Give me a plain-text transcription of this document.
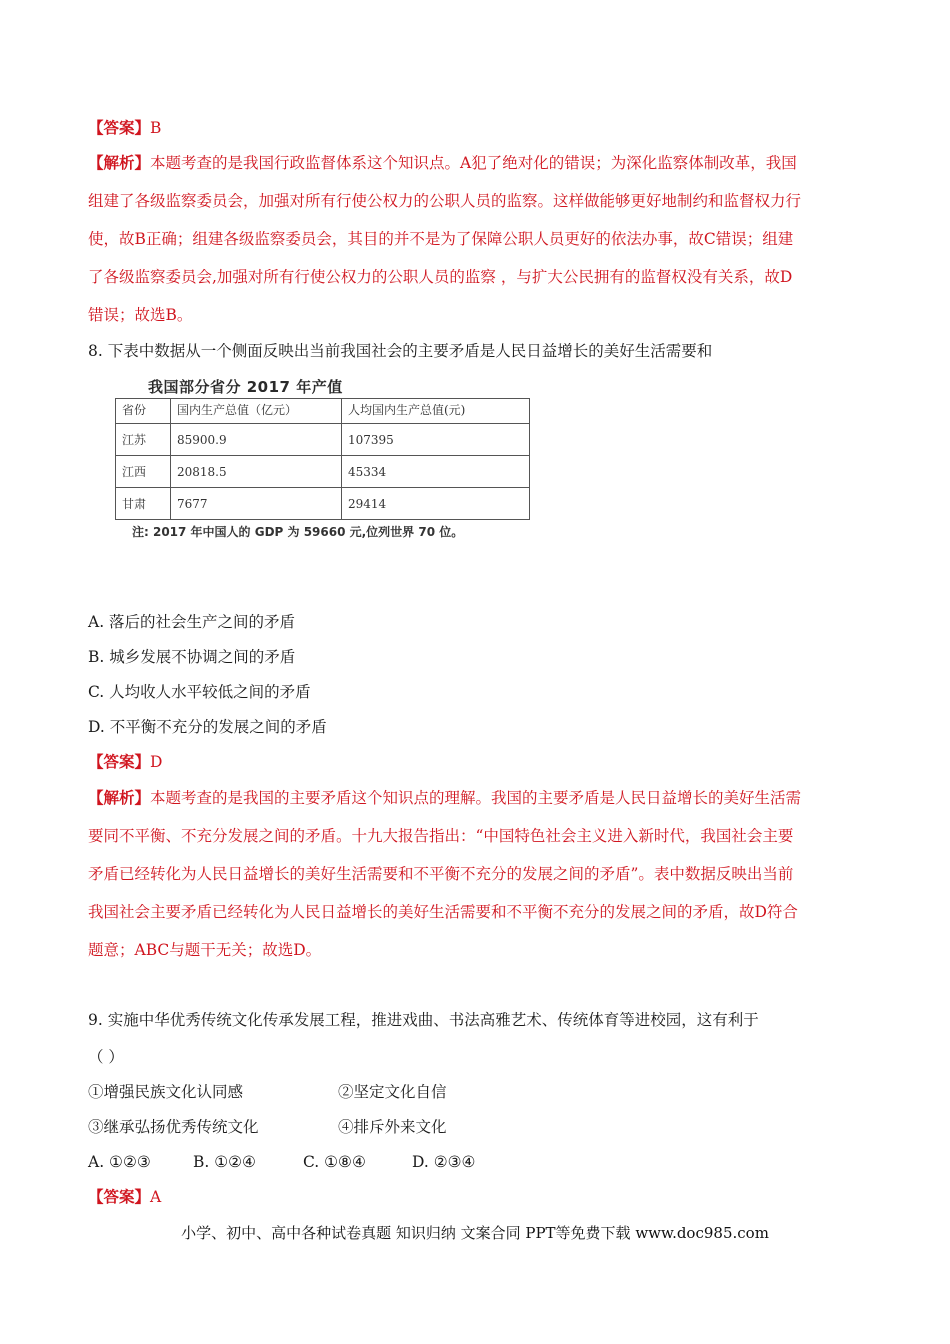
【答案】B
【解析】本题考查的是我国行政监督体系这个知识点。A犯了绝对化的错误；为深化监察体制改革，我国
组建了各级监察委员会，加强对所有行使公权力的公职人员的监察。这样做能够更好地制约和监督权力行
使，故B正确；组建各级监察委员会，其目的并不是为了保障公职人员更好的依法办事，故C错误；组建
了各级监察委员会,加强对所有行使公权力的公职人员的监察 ，与扩大公民拥有的监督权没有关系，故D
错误；故选B。
8. 下表中数据从一个侧面反映出当前我国社会的主要矛盾是人民日益增长的美好生活需要和
我国部分省分 2017 年产值
省份	国内生产总值（亿元）	人均国内生产总值(元)
江苏	85900.9	107395
江西	20818.5	45334
甘肃	7677	29414
注: 2017 年中国人的 GDP 为 59660 元,位列世界 70 位。
A. 落后的社会生产之间的矛盾
B. 城乡发展不协调之间的矛盾
C. 人均收人水平较低之间的矛盾
D. 不平衡不充分的发展之间的矛盾
【答案】D
【解析】本题考查的是我国的主要矛盾这个知识点的理解。我国的主要矛盾是人民日益增长的美好生活需
要同不平衡、不充分发展之间的矛盾。十九大报告指出：“中国特色社会主义进入新时代，我国社会主要
矛盾已经转化为人民日益增长的美好生活需要和不平衡不充分的发展之间的矛盾”。表中数据反映出当前
我国社会主要矛盾已经转化为人民日益增长的美好生活需要和不平衡不充分的发展之间的矛盾，故D符合
题意；ABC与题干无关；故选D。
9. 实施中华优秀传统文化传承发展工程，推进戏曲、书法高雅艺术、传统体育等进校园，这有利于
（ ）
①增强民族文化认同感	②坚定文化自信
③继承弘扬优秀传统文化	④排斥外来文化
A. ①②③	B. ①②④	C. ①⑧④	D. ②③④
【答案】A
小学、初中、高中各种试卷真题 知识归纳 文案合同 PPT等免费下载 www.doc985.com
